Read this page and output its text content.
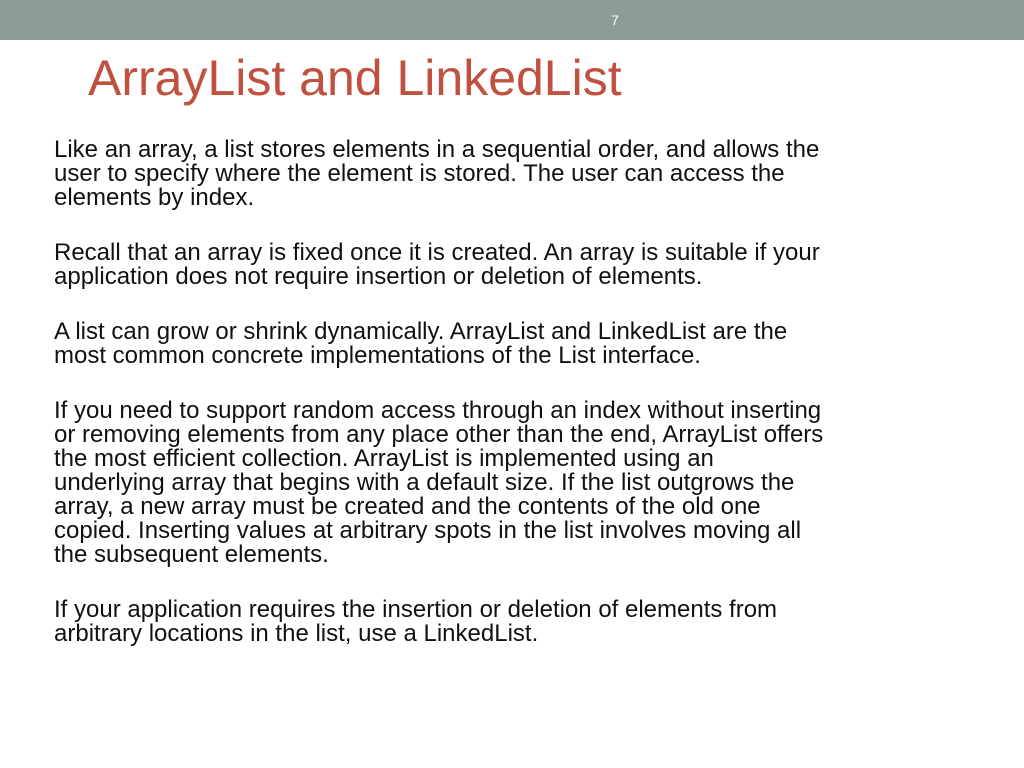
7
ArrayList and LinkedList

Like an array, a list stores elements in a sequential order, and allows the
user to specify where the element is stored. The user can access the
elements by index.

Recall that an array is fixed once it is created. An array is suitable if your
application does not require insertion or deletion of elements.

A list can grow or shrink dynamically. ArrayList and LinkedList are the
most common concrete implementations of the List interface.

If you need to support random access through an index without inserting
or removing elements from any place other than the end, ArrayList offers
the most efficient collection. ArrayList is implemented using an
underlying array that begins with a default size. If the list outgrows the
array, a new array must be created and the contents of the old one
copied. Inserting values at arbitrary spots in the list involves moving all
the subsequent elements.

If your application requires the insertion or deletion of elements from
arbitrary locations in the list, use a LinkedList.
